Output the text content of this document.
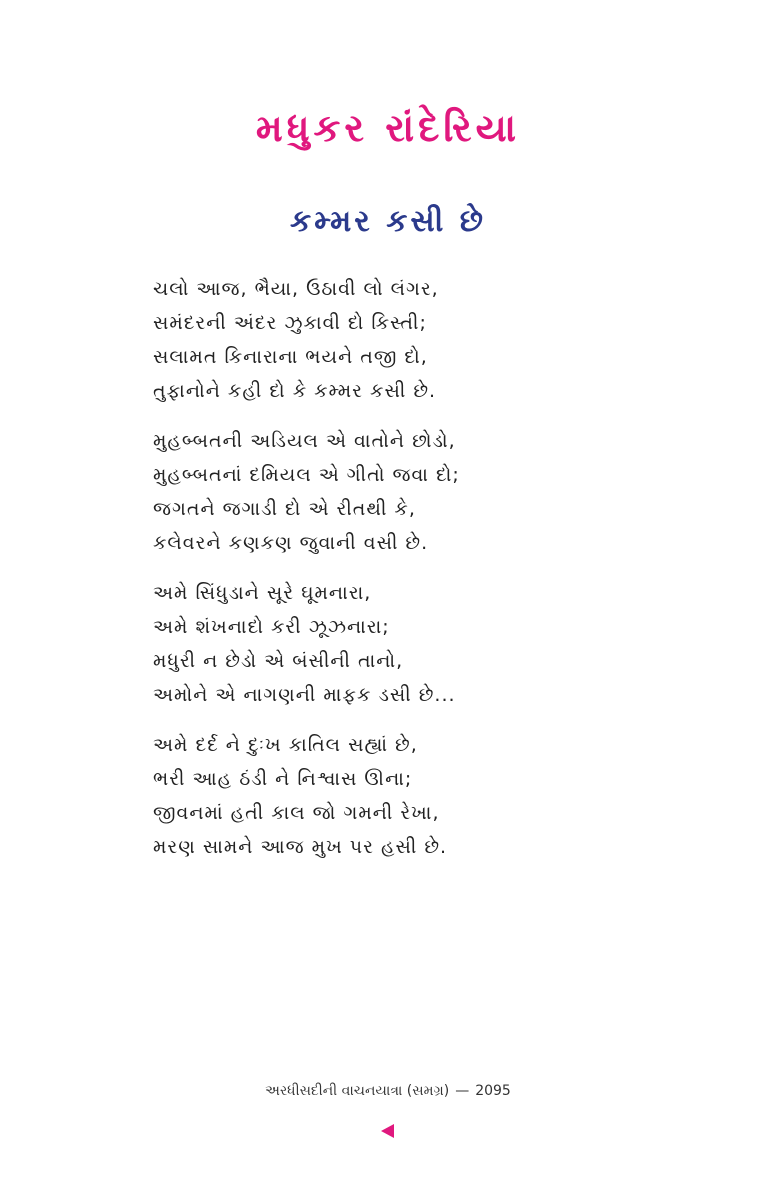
મધુકર રાંદેરિયા
કમ્મર કસી છે
ચલો આજ, ભૈયા, ઉઠાવી લો લંગર,
સમંદરની અંદર ઝુકાવી દો કિસ્તી;
સલામત કિનારાના ભયને તજી દો,
તુફાનોને કહી દો કે કમ્મર કસી છે.
મુહબ્બતની અડિયલ એ વાતોને છોડો,
મુહબ્બતનાં દમિયલ એ ગીતો જવા દો;
જગતને જગાડી દો એ રીતથી કે,
કલેવરને કણકણ જુવાની વસી છે.
અમે સિંધુડાને સૂરે ઘૂમનારા,
અમે શંખનાદો કરી ઝૂઝનારા;
મધુરી ન છેડો એ બંસીની તાનો,
અમોને એ નાગણની માફક ડસી છે...
અમે દર્દ ને દુઃખ કાતિલ સહ્યાં છે,
ભરી આહ ઠંડી ને નિશ્વાસ ઊના;
જીવનમાં હતી કાલ જો ગમની રેખા,
મરણ સામને આજ મુખ પર હસી છે.
અરધીસદીની વાચનયાત્રા (સમગ્ર) — 2095
